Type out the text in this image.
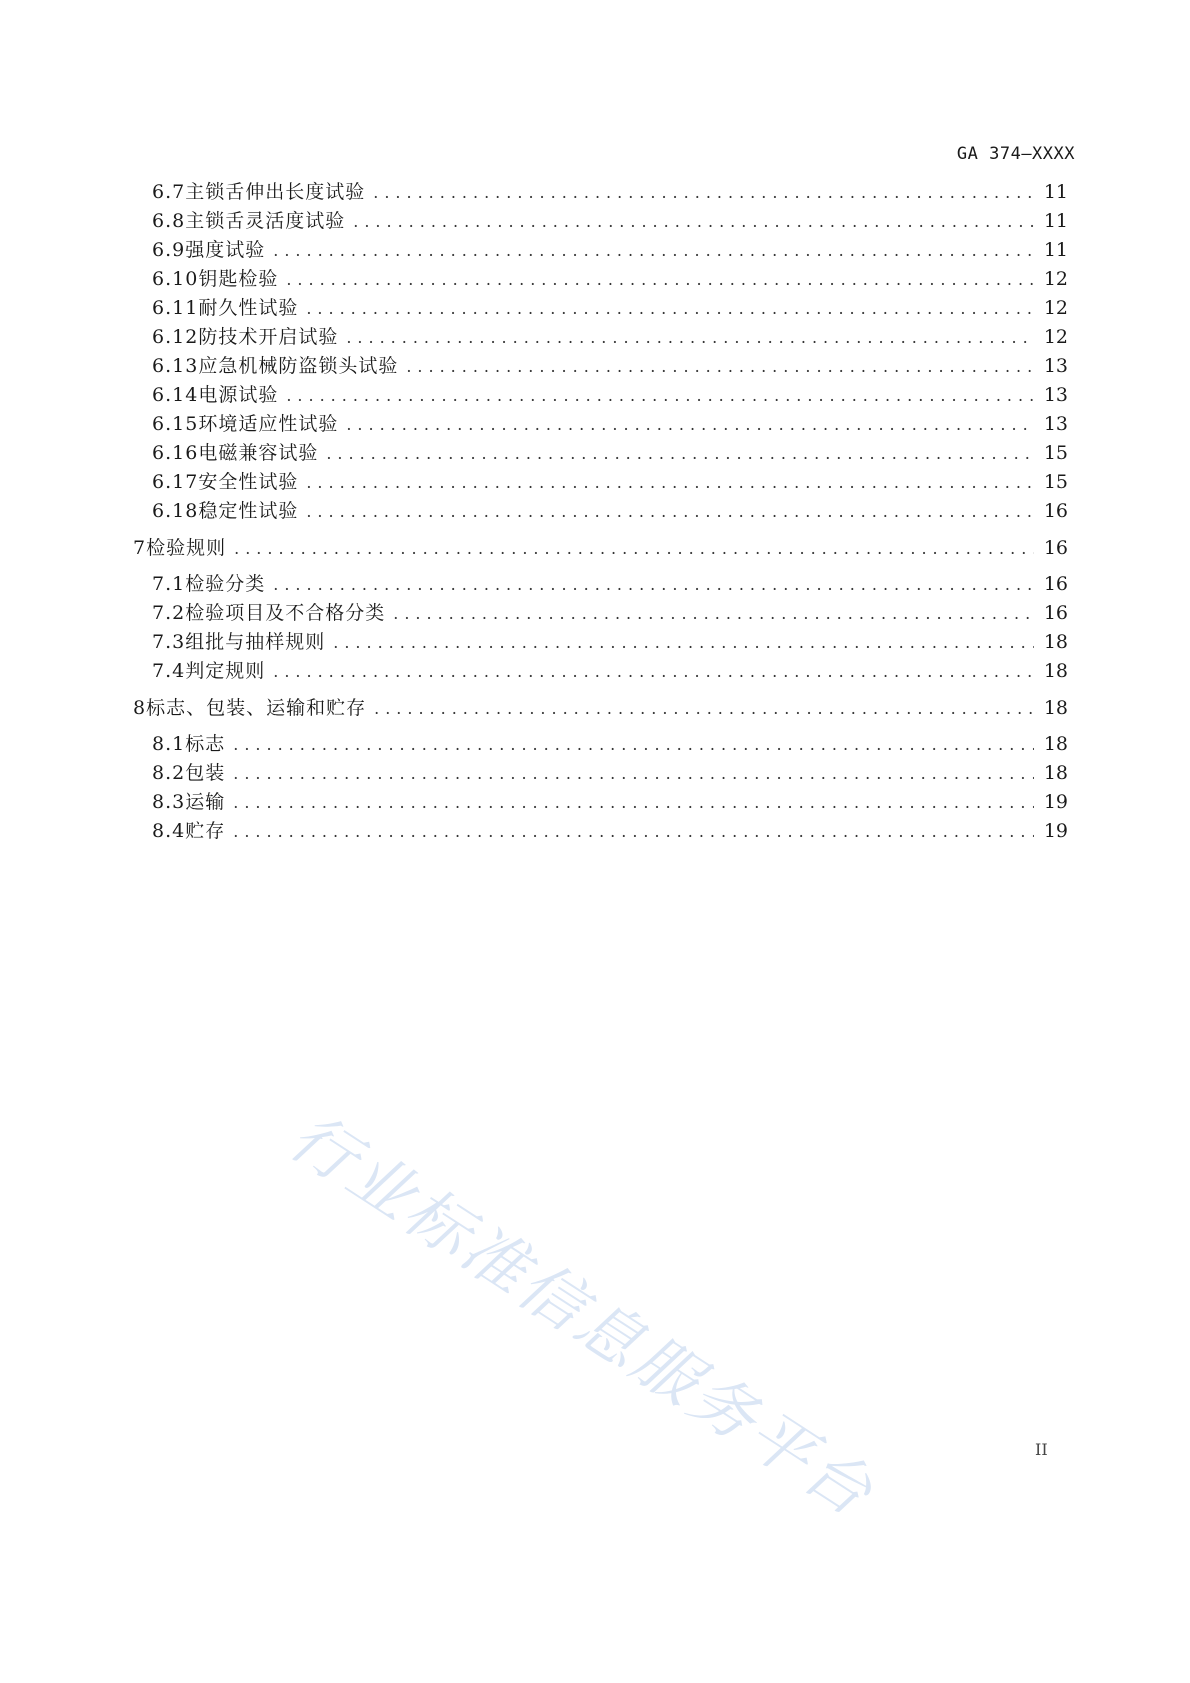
GA 374—XXXX
6.7 主锁舌伸出长度试验 .....	11
6.8 主锁舌灵活度试验 .....	11
6.9 强度试验 .....	11
6.10 钥匙检验 .....	12
6.11 耐久性试验 .....	12
6.12 防技术开启试验 .....	12
6.13 应急机械防盗锁头试验 .....	13
6.14 电源试验 .....	13
6.15 环境适应性试验 .....	13
6.16 电磁兼容试验 .....	15
6.17 安全性试验 .....	15
6.18 稳定性试验 .....	16
7 检验规则 .....	16
7.1 检验分类 .....	16
7.2 检验项目及不合格分类 .....	16
7.3 组批与抽样规则 .....	18
7.4 判定规则 .....	18
8 标志、包装、运输和贮存 .....	18
8.1 标志 .....	18
8.2 包装 .....	18
8.3 运输 .....	19
8.4 贮存 .....	19
行业标准信息服务平台	II
